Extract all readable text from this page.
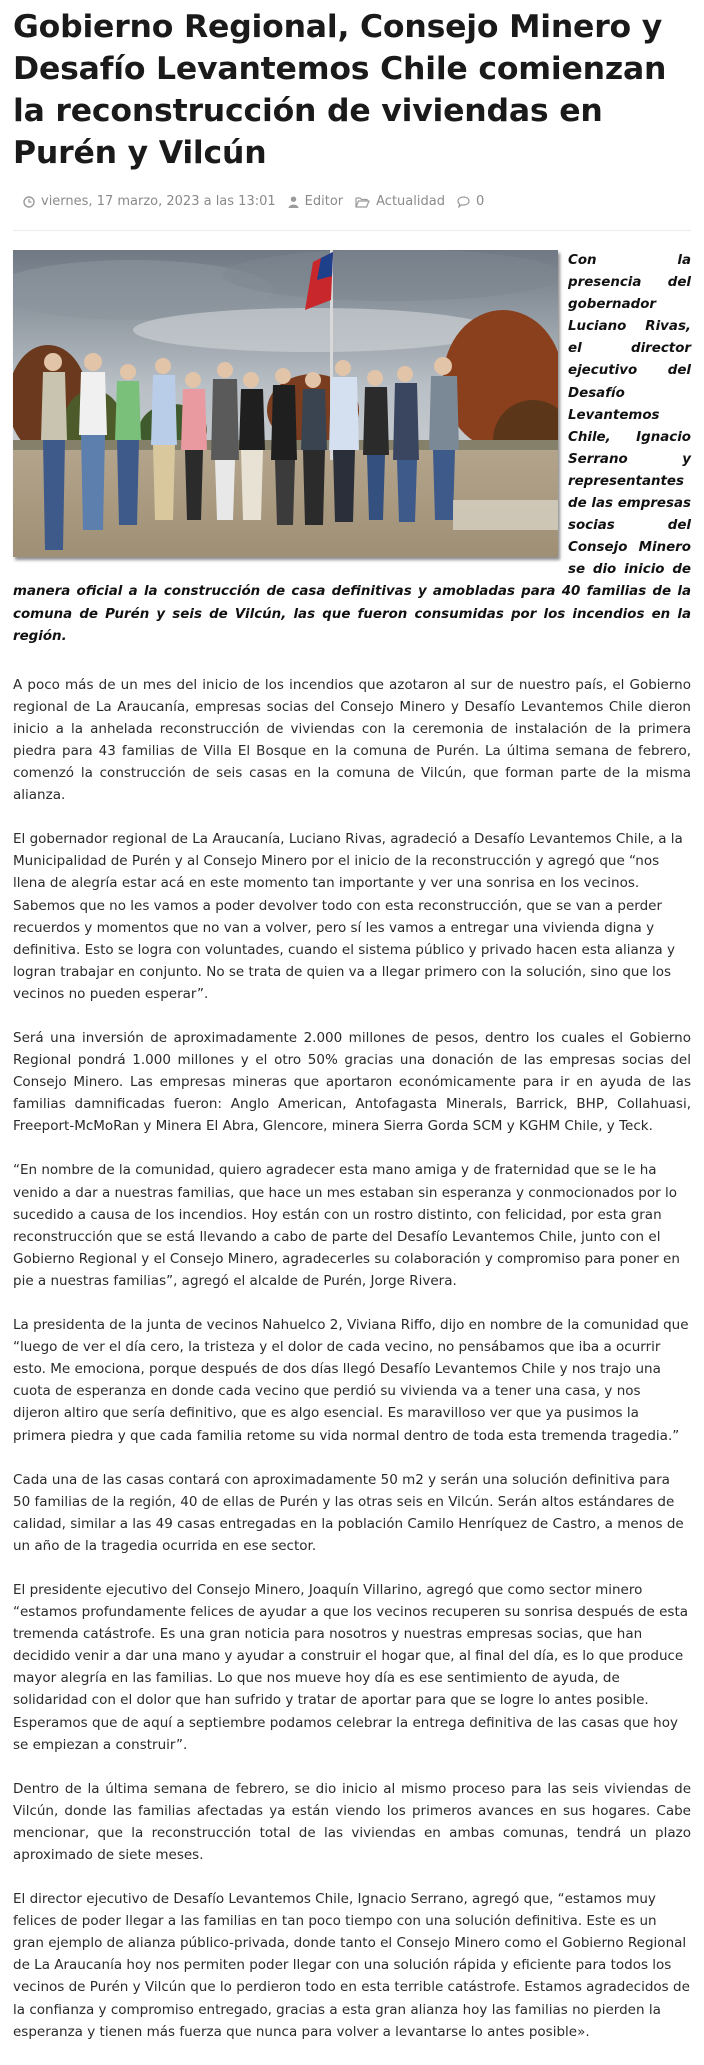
Gobierno Regional, Consejo Minero y Desafío Levantemos Chile comienzan la reconstrucción de viviendas en Purén y Vilcún
viernes, 17 marzo, 2023 a las 13:01 Editor	Actualidad 0

Con la presencia del gobernador Luciano Rivas, el director ejecutivo del Desafío Levantemos Chile, Ignacio Serrano y representantes de las empresas socias del Consejo Minero se dio inicio de manera oficial a la construcción de casa definitivas y amobladas para 40 familias de la comuna de Purén y seis de Vilcún, las que fueron consumidas por los incendios en la región.

A poco más de un mes del inicio de los incendios que azotaron al sur de nuestro país, el Gobierno regional de La Araucanía, empresas socias del Consejo Minero y Desafío Levantemos Chile dieron inicio a la anhelada reconstrucción de viviendas con la ceremonia de instalación de la primera piedra para 43 familias de Villa El Bosque en la comuna de Purén. La última semana de febrero, comenzó la construcción de seis casas en la comuna de Vilcún, que forman parte de la misma alianza.

El gobernador regional de La Araucanía, Luciano Rivas, agradeció a Desafío Levantemos Chile, a la Municipalidad de Purén y al Consejo Minero por el inicio de la reconstrucción y agregó que “nos llena de alegría estar acá en este momento tan importante y ver una sonrisa en los vecinos. Sabemos que no les vamos a poder devolver todo con esta reconstrucción, que se van a perder recuerdos y momentos que no van a volver, pero sí les vamos a entregar una vivienda digna y definitiva. Esto se logra con voluntades, cuando el sistema público y privado hacen esta alianza y logran trabajar en conjunto. No se trata de quien va a llegar primero con la solución, sino que los vecinos no pueden esperar”.

Será una inversión de aproximadamente 2.000 millones de pesos, dentro los cuales el Gobierno Regional pondrá 1.000 millones y el otro 50% gracias una donación de las empresas socias del Consejo Minero. Las empresas mineras que aportaron económicamente para ir en ayuda de las familias damnificadas fueron: Anglo American, Antofagasta Minerals, Barrick, BHP, Collahuasi, Freeport-McMoRan y Minera El Abra, Glencore, minera Sierra Gorda SCM y KGHM Chile, y Teck.

“En nombre de la comunidad, quiero agradecer esta mano amiga y de fraternidad que se le ha venido a dar a nuestras familias, que hace un mes estaban sin esperanza y conmocionados por lo sucedido a causa de los incendios. Hoy están con un rostro distinto, con felicidad, por esta gran reconstrucción que se está llevando a cabo de parte del Desafío Levantemos Chile, junto con el Gobierno Regional y el Consejo Minero, agradecerles su colaboración y compromiso para poner en pie a nuestras familias”, agregó el alcalde de Purén, Jorge Rivera.

La presidenta de la junta de vecinos Nahuelco 2, Viviana Riffo, dijo en nombre de la comunidad que “luego de ver el día cero, la tristeza y el dolor de cada vecino, no pensábamos que iba a ocurrir esto. Me emociona, porque después de dos días llegó Desafío Levantemos Chile y nos trajo una cuota de esperanza en donde cada vecino que perdió su vivienda va a tener una casa, y nos dijeron altiro que sería definitivo, que es algo esencial. Es maravilloso ver que ya pusimos la primera piedra y que cada familia retome su vida normal dentro de toda esta tremenda tragedia.”

Cada una de las casas contará con aproximadamente 50 m2 y serán una solución definitiva para 50 familias de la región, 40 de ellas de Purén y las otras seis en Vilcún. Serán altos estándares de calidad, similar a las 49 casas entregadas en la población Camilo Henríquez de Castro, a menos de un año de la tragedia ocurrida en ese sector.

El presidente ejecutivo del Consejo Minero, Joaquín Villarino, agregó que como sector minero “estamos profundamente felices de ayudar a que los vecinos recuperen su sonrisa después de esta tremenda catástrofe. Es una gran noticia para nosotros y nuestras empresas socias, que han decidido venir a dar una mano y ayudar a construir el hogar que, al final del día, es lo que produce mayor alegría en las familias. Lo que nos mueve hoy día es ese sentimiento de ayuda, de solidaridad con el dolor que han sufrido y tratar de aportar para que se logre lo antes posible. Esperamos que de aquí a septiembre podamos celebrar la entrega definitiva de las casas que hoy se empiezan a construir”.

Dentro de la última semana de febrero, se dio inicio al mismo proceso para las seis viviendas de Vilcún, donde las familias afectadas ya están viendo los primeros avances en sus hogares. Cabe mencionar, que la reconstrucción total de las viviendas en ambas comunas, tendrá un plazo aproximado de siete meses.

El director ejecutivo de Desafío Levantemos Chile, Ignacio Serrano, agregó que, “estamos muy felices de poder llegar a las familias en tan poco tiempo con una solución definitiva. Este es un gran ejemplo de alianza público-privada, donde tanto el Consejo Minero como el Gobierno Regional de La Araucanía hoy nos permiten poder llegar con una solución rápida y eficiente para todos los vecinos de Purén y Vilcún que lo perdieron todo en esta terrible catástrofe. Estamos agradecidos de la confianza y compromiso entregado, gracias a esta gran alianza hoy las familias no pierden la esperanza y tienen más fuerza que nunca para volver a levantarse lo antes posible».
